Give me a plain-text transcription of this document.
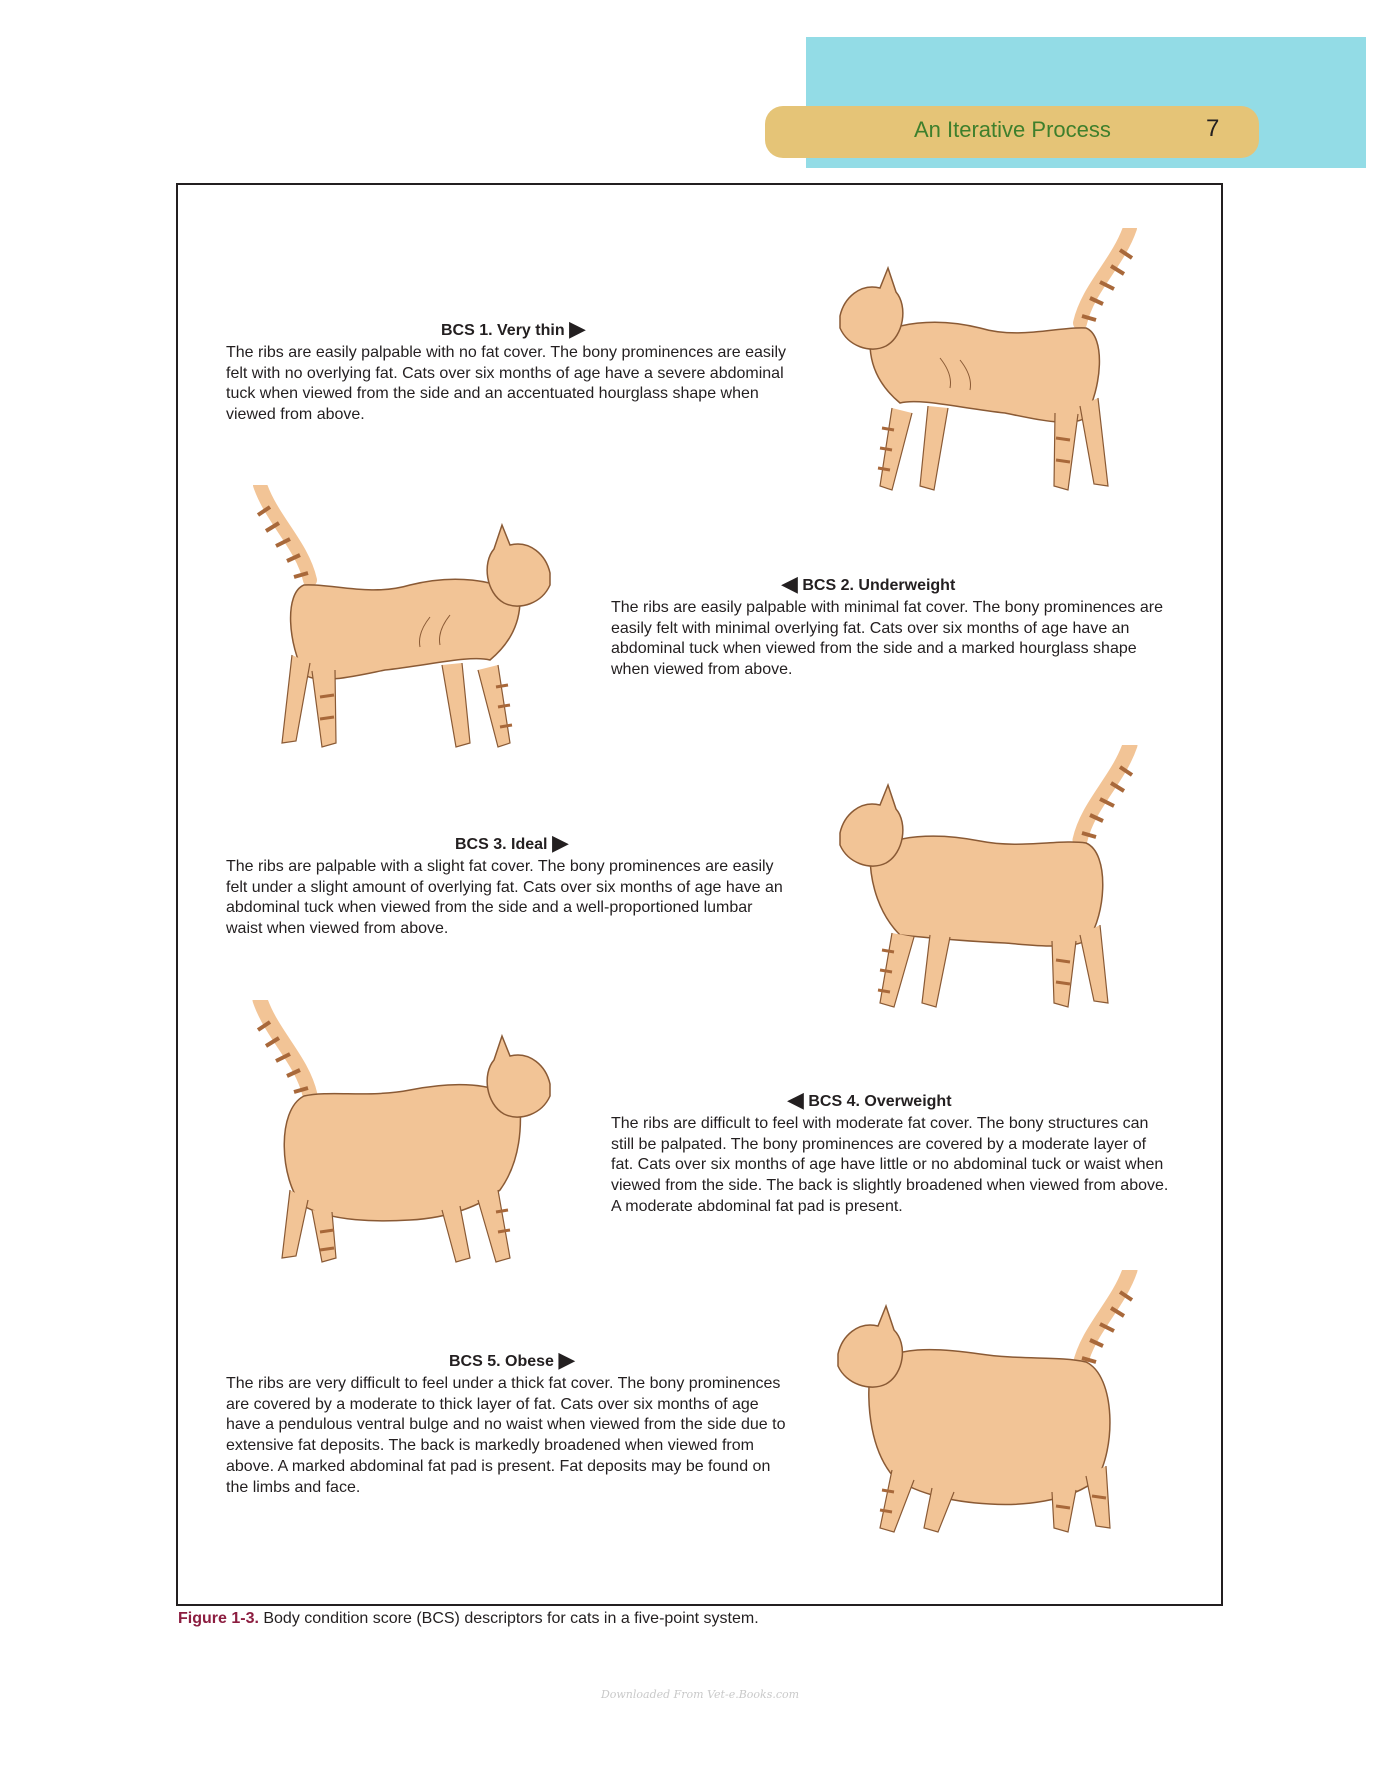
An Iterative Process	7
BCS 1. Very thin ▶

The ribs are easily palpable with no fat cover. The bony prominences are easily felt with no overlying fat. Cats over six months of age have a severe abdominal tuck when viewed from the side and an accentuated hourglass shape when viewed from above.

◀ BCS 2. Underweight

The ribs are easily palpable with minimal fat cover. The bony prominences are easily felt with minimal overlying fat. Cats over six months of age have an abdominal tuck when viewed from the side and a marked hourglass shape when viewed from above.

BCS 3. Ideal ▶

The ribs are palpable with a slight fat cover. The bony prominences are easily felt under a slight amount of overlying fat. Cats over six months of age have an abdominal tuck when viewed from the side and a well-proportioned lumbar waist when viewed from above.

◀ BCS 4. Overweight

The ribs are difficult to feel with moderate fat cover. The bony structures can still be palpated. The bony prominences are covered by a moderate layer of fat. Cats over six months of age have little or no abdominal tuck or waist when viewed from the side. The back is slightly broadened when viewed from above. A moderate abdominal fat pad is present.

BCS 5. Obese ▶

The ribs are very difficult to feel under a thick fat cover. The bony prominences are covered by a moderate to thick layer of fat. Cats over six months of age have a pendulous ventral bulge and no waist when viewed from the side due to extensive fat deposits. The back is markedly broadened when viewed from above. A marked abdominal fat pad is present. Fat deposits may be found on the limbs and face.

Figure 1-3. Body condition score (BCS) descriptors for cats in a five-point system.
Downloaded From Vet-e.Books.com
